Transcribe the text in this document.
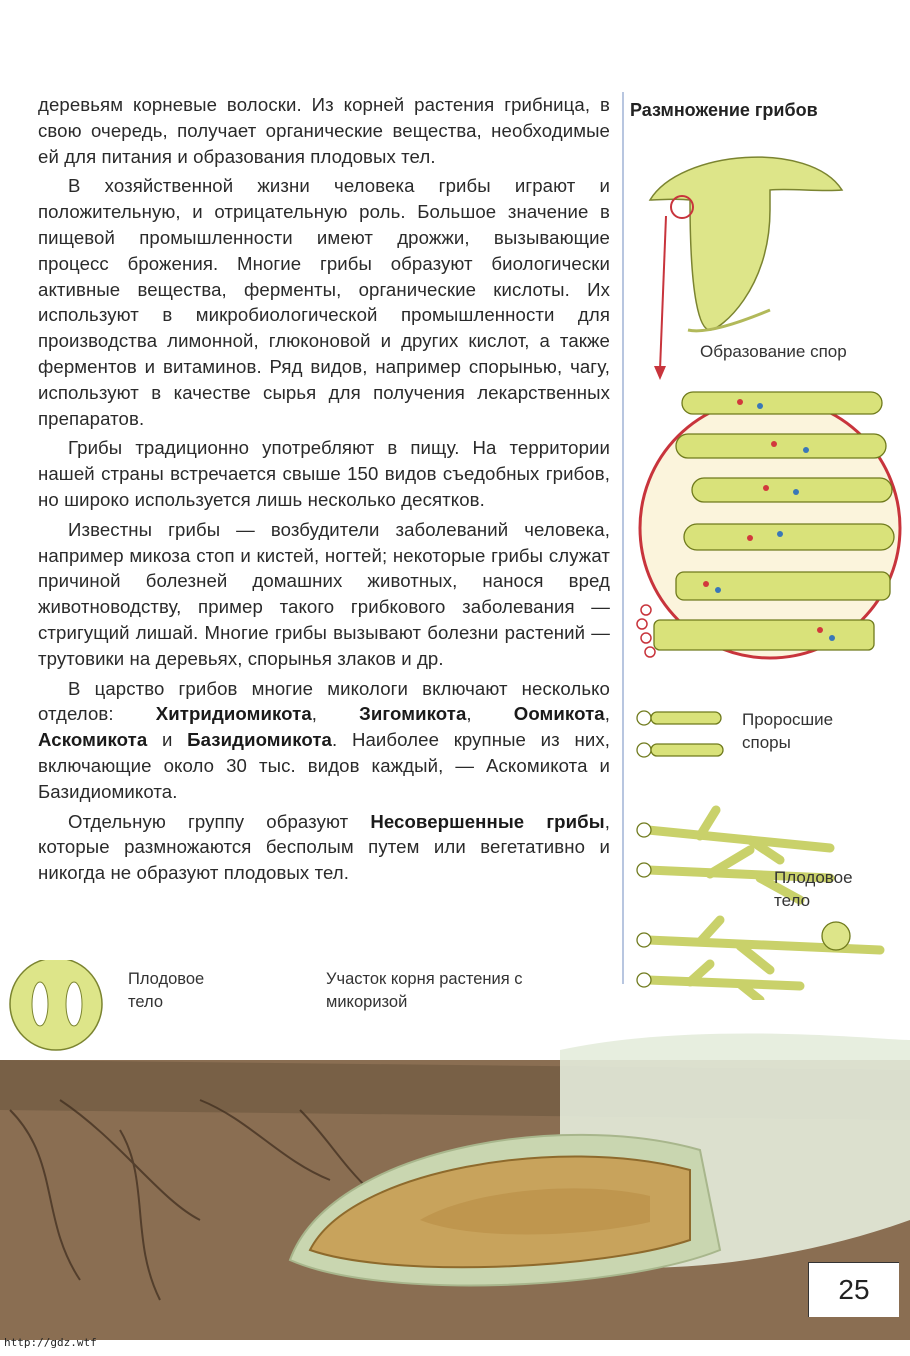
деревьям корневые волоски. Из корней растения грибница, в свою очередь, получает органические вещества, необходимые ей для питания и образования плодовых тел.

В хозяйственной жизни человека грибы играют и положительную, и отрицательную роль. Большое значение в пищевой промышленности имеют дрожжи, вызывающие процесс брожения. Многие грибы образуют биологически активные вещества, ферменты, органические кислоты. Их используют в микробиологической промышленности для производства лимонной, глюконовой и других кислот, а также ферментов и витаминов. Ряд видов, например спорынью, чагу, используют в качестве сырья для получения лекарственных препаратов.

Грибы традиционно употребляют в пищу. На территории нашей страны встречается свыше 150 видов съедобных грибов, но широко используется лишь несколько десятков.

Известны грибы — возбудители заболеваний человека, например микоза стоп и кистей, ногтей; некоторые грибы служат причиной болезней домашних животных, нанося вред животноводству, пример такого грибкового заболевания — стригущий лишай. Многие грибы вызывают болезни растений — трутовики на деревьях, спорынья злаков и др.

В царство грибов многие микологи включают несколько отделов: Хитридиомикота, Зигомикота, Оомикота, Аскомикота и Базидиомикота. Наиболее крупные из них, включающие около 30 тыс. видов каждый, — Аскомикота и Базидиомикота.

Отдельную группу образуют Несовершенные грибы, которые размножаются бесполым путем или вегетативно и никогда не образуют плодовых тел.

Размножение грибов
Образование спор
Проросшие споры
Плодовое тело
Плодовое тело
Участок корня растения с микоризой
25
http://gdz.wtf
